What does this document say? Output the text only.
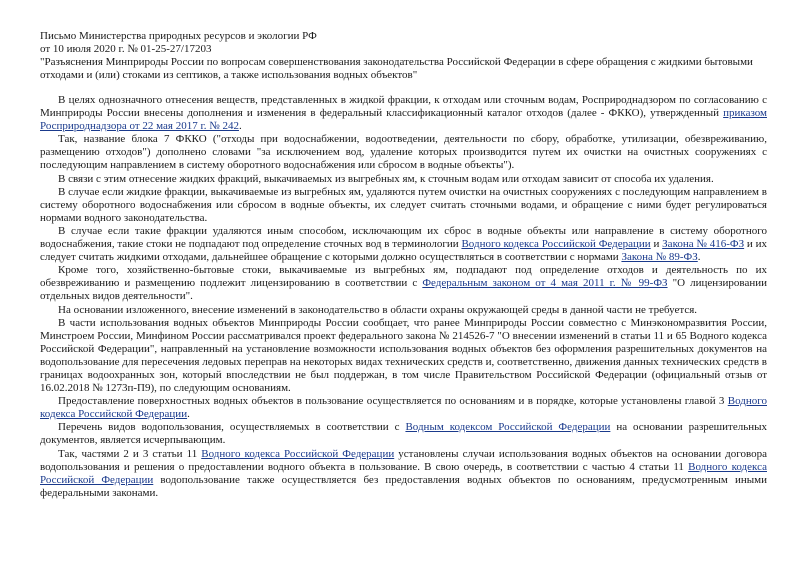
Письмо Министерства природных ресурсов и экологии РФ

от 10 июля 2020 г. № 01-25-27/17203

"Разъяснения Минприроды России по вопросам совершенствования законодательства Российской Федерации в сфере обращения с жидкими бытовыми отходами и (или) стоками из септиков, а также использования водных объектов"

В целях однозначного отнесения веществ, представленных в жидкой фракции, к отходам или сточным водам, Росприроднадзором по согласованию с Минприроды России внесены дополнения и изменения в федеральный классификационный каталог отходов (далее - ФККО), утвержденный приказом Росприроднадзора от 22 мая 2017 г. № 242.

Так, название блока 7 ФККО ("отходы при водоснабжении, водоотведении, деятельности по сбору, обработке, утилизации, обезвреживанию, размещению отходов") дополнено словами "за исключением вод, удаление которых производится путем их очистки на очистных сооружениях с последующим направлением в систему оборотного водоснабжения или сбросом в водные объекты").

В связи с этим отнесение жидких фракций, выкачиваемых из выгребных ям, к сточным водам или отходам зависит от способа их удаления.

В случае если жидкие фракции, выкачиваемые из выгребных ям, удаляются путем очистки на очистных сооружениях с последующим направлением в систему оборотного водоснабжения или сбросом в водные объекты, их следует считать сточными водами, и обращение с ними будет регулироваться нормами водного законодательства.

В случае если такие фракции удаляются иным способом, исключающим их сброс в водные объекты или направление в систему оборотного водоснабжения, такие стоки не подпадают под определение сточных вод в терминологии Водного кодекса Российской Федерации и Закона № 416-ФЗ и их следует считать жидкими отходами, дальнейшее обращение с которыми должно осуществляться в соответствии с нормами Закона № 89-ФЗ.

Кроме того, хозяйственно-бытовые стоки, выкачиваемые из выгребных ям, подпадают под определение отходов и деятельность по их обезвреживанию и размещению подлежит лицензированию в соответствии с Федеральным законом от 4 мая 2011 г. № 99-ФЗ "О лицензировании отдельных видов деятельности".

На основании изложенного, внесение изменений в законодательство в области охраны окружающей среды в данной части не требуется.

В части использования водных объектов Минприроды России сообщает, что ранее Минприроды России совместно с Минэкономразвития России, Минстроем России, Минфином России рассматривался проект федерального закона № 214526-7 "О внесении изменений в статьи 11 и 65 Водного кодекса Российской Федерации", направленный на установление возможности использования водных объектов без оформления разрешительных документов на водопользование для пересечения ледовых переправ на некоторых видах технических средств и, соответственно, движения данных технических средств в границах водоохранных зон, который впоследствии не был поддержан, в том числе Правительством Российской Федерации (официальный отзыв от 16.02.2018 № 1273п-П9), по следующим основаниям.

Предоставление поверхностных водных объектов в пользование осуществляется по основаниям и в порядке, которые установлены главой 3 Водного кодекса Российской Федерации.

Перечень видов водопользования, осуществляемых в соответствии с Водным кодексом Российской Федерации на основании разрешительных документов, является исчерпывающим.

Так, частями 2 и 3 статьи 11 Водного кодекса Российской Федерации установлены случаи использования водных объектов на основании договора водопользования и решения о предоставлении водного объекта в пользование. В свою очередь, в соответствии с частью 4 статьи 11 Водного кодекса Российской Федерации водопользование также осуществляется без предоставления водных объектов по основаниям, предусмотренным иными федеральными законами.
